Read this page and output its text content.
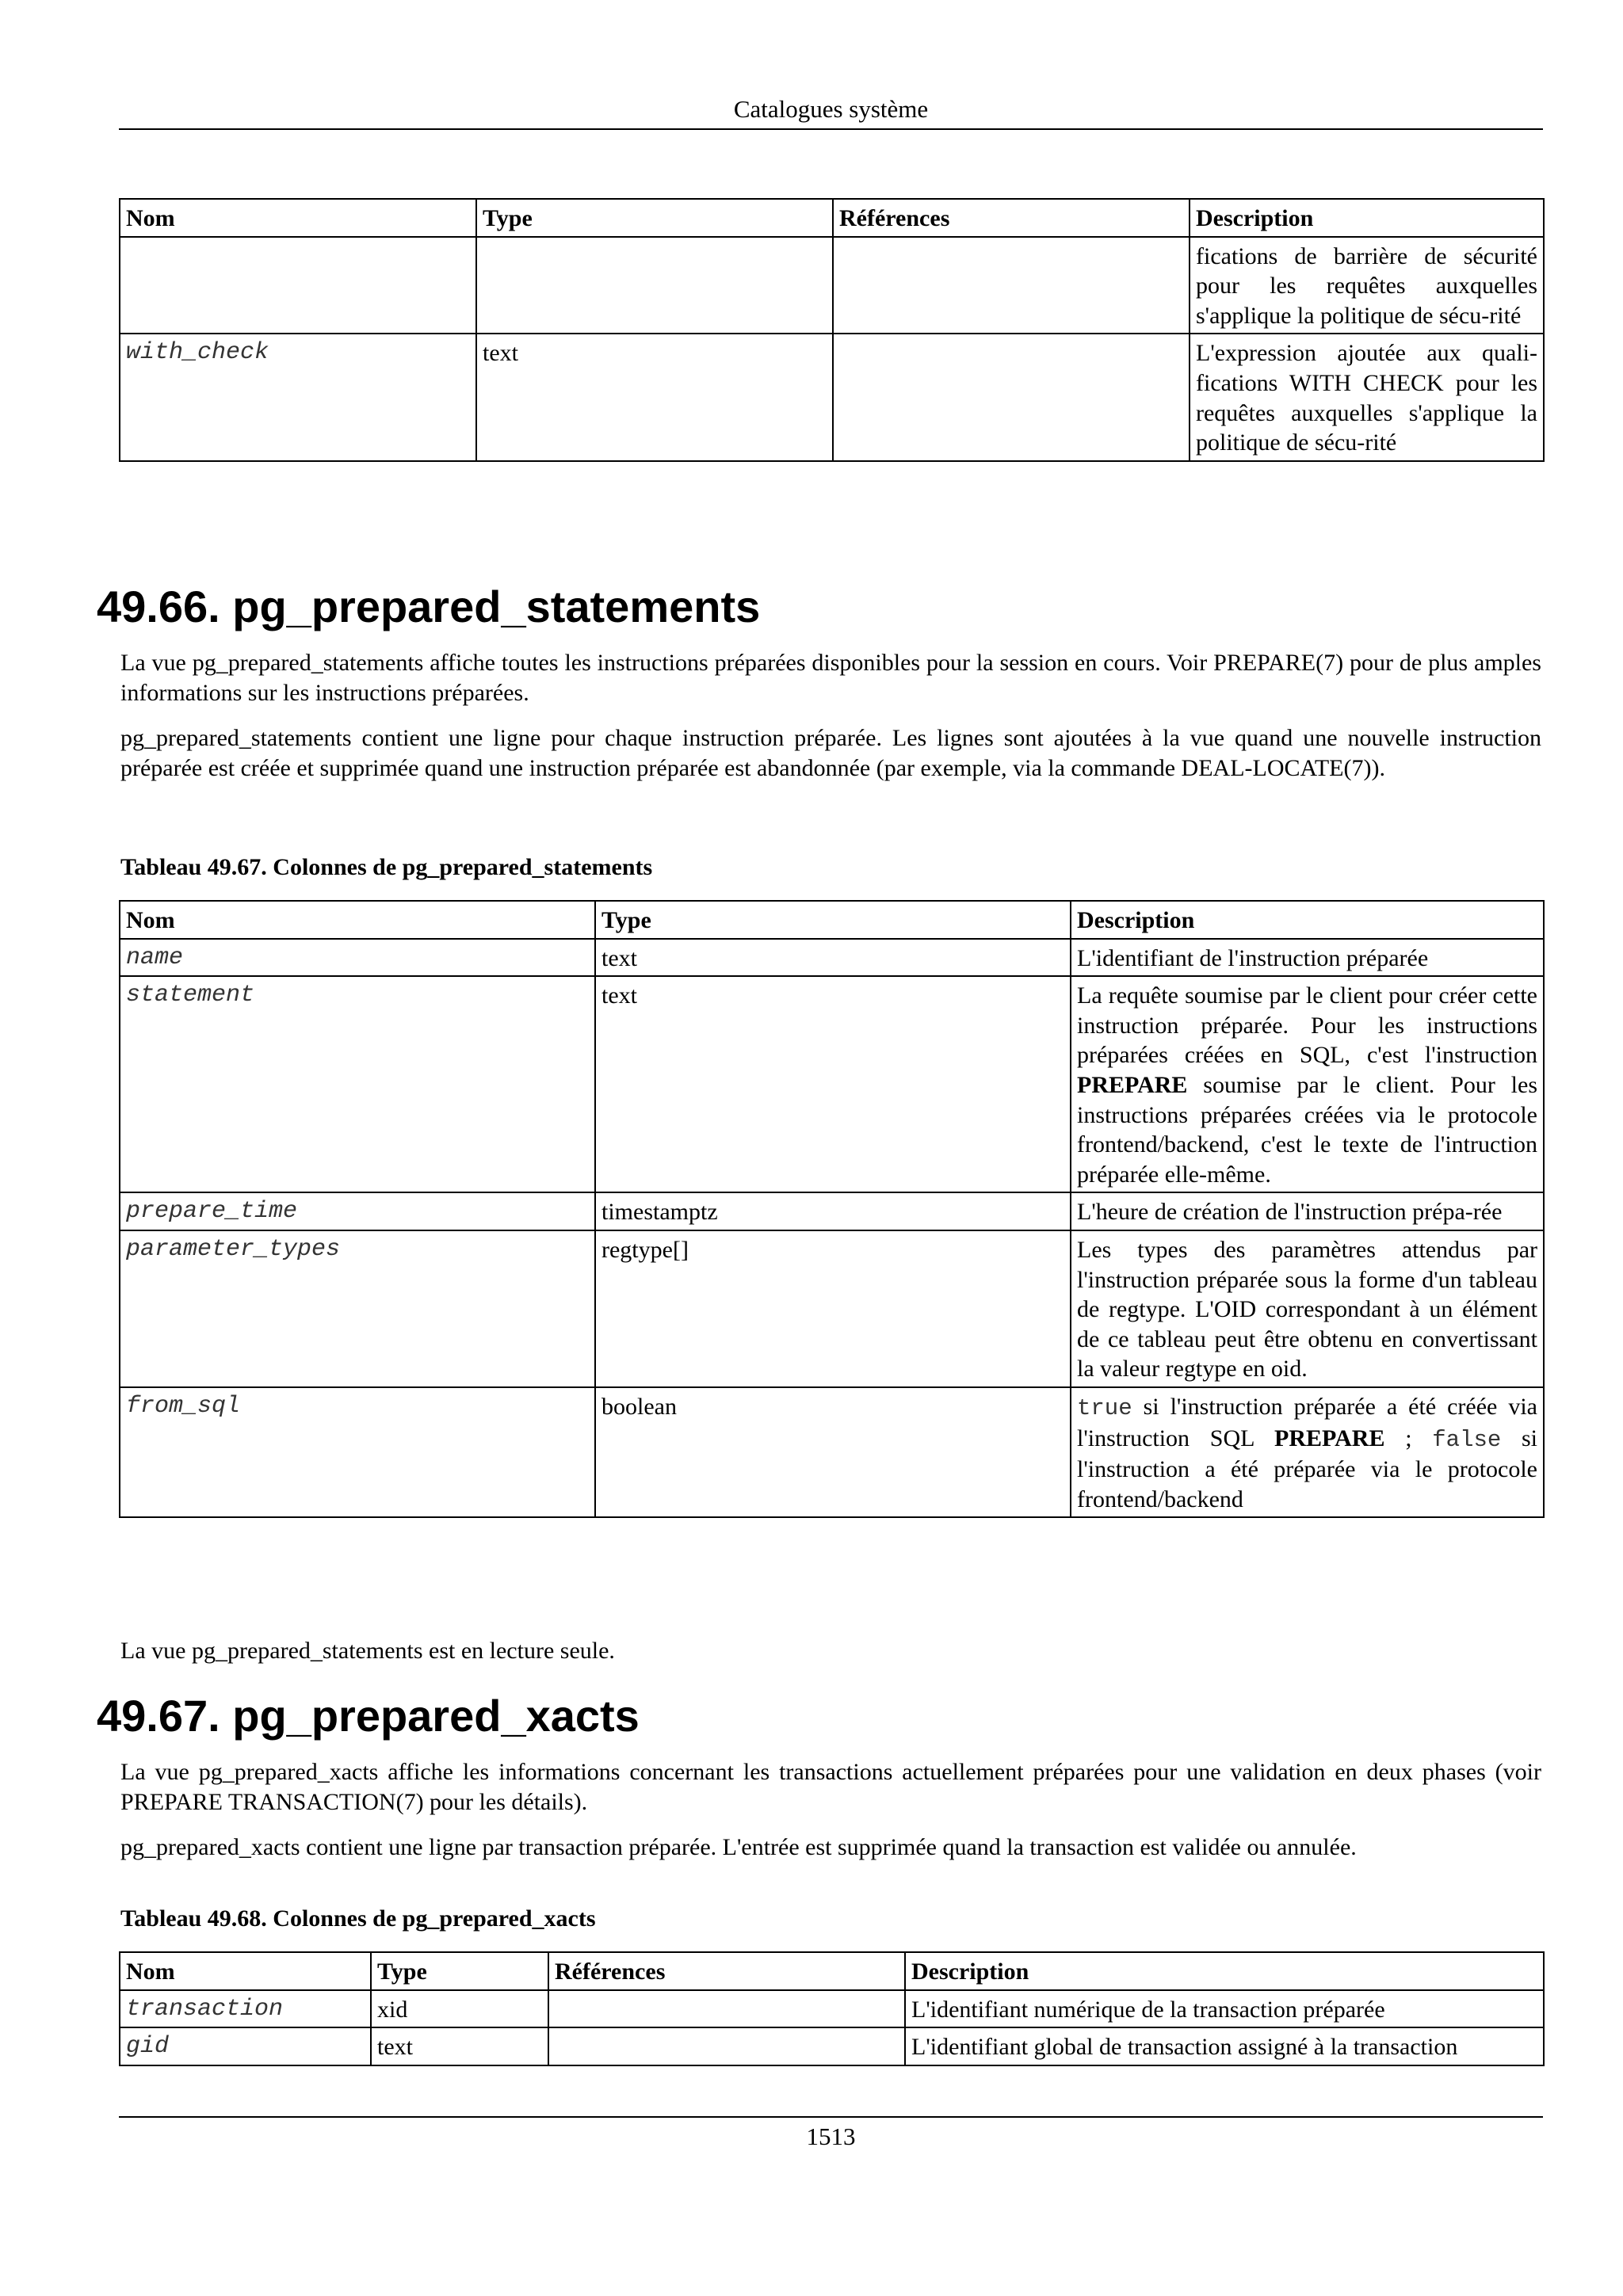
Catalogues système
Nom	Type	Références	Description
			fications de barrière de sécurité pour les requêtes auxquelles s'applique la politique de sécu-rité
with_check	text		L'expression ajoutée aux quali-fications WITH CHECK pour les requêtes auxquelles s'applique la politique de sécu-rité
49.66. pg_prepared_statements

La vue pg_prepared_statements affiche toutes les instructions préparées disponibles pour la session en cours. Voir PREPARE(7) pour de plus amples informations sur les instructions préparées.

pg_prepared_statements contient une ligne pour chaque instruction préparée. Les lignes sont ajoutées à la vue quand une nouvelle instruction préparée est créée et supprimée quand une instruction préparée est abandonnée (par exemple, via la commande DEAL-LOCATE(7)).

Tableau 49.67. Colonnes de pg_prepared_statements
Nom	Type	Description
name	text	L'identifiant de l'instruction préparée
statement	text	La requête soumise par le client pour créer cette instruction préparée. Pour les instructions préparées créées en SQL, c'est l'instruction PREPARE soumise par le client. Pour les instructions préparées créées via le protocole frontend/backend, c'est le texte de l'intruction préparée elle-même.
prepare_time	timestamptz	L'heure de création de l'instruction prépa-rée
parameter_types	regtype[]	Les types des paramètres attendus par l'instruction préparée sous la forme d'un tableau de regtype. L'OID correspondant à un élément de ce tableau peut être obtenu en convertissant la valeur regtype en oid.
from_sql	boolean	true si l'instruction préparée a été créée via l'instruction SQL PREPARE ; false si l'instruction a été préparée via le protocole frontend/backend

La vue pg_prepared_statements est en lecture seule.

49.67. pg_prepared_xacts

La vue pg_prepared_xacts affiche les informations concernant les transactions actuellement préparées pour une validation en deux phases (voir PREPARE TRANSACTION(7) pour les détails).

pg_prepared_xacts contient une ligne par transaction préparée. L'entrée est supprimée quand la transaction est validée ou annulée.

Tableau 49.68. Colonnes de pg_prepared_xacts
Nom	Type	Références	Description
transaction	xid		L'identifiant numérique de la transaction préparée
gid	text		L'identifiant global de transaction assigné à la transaction
1513
